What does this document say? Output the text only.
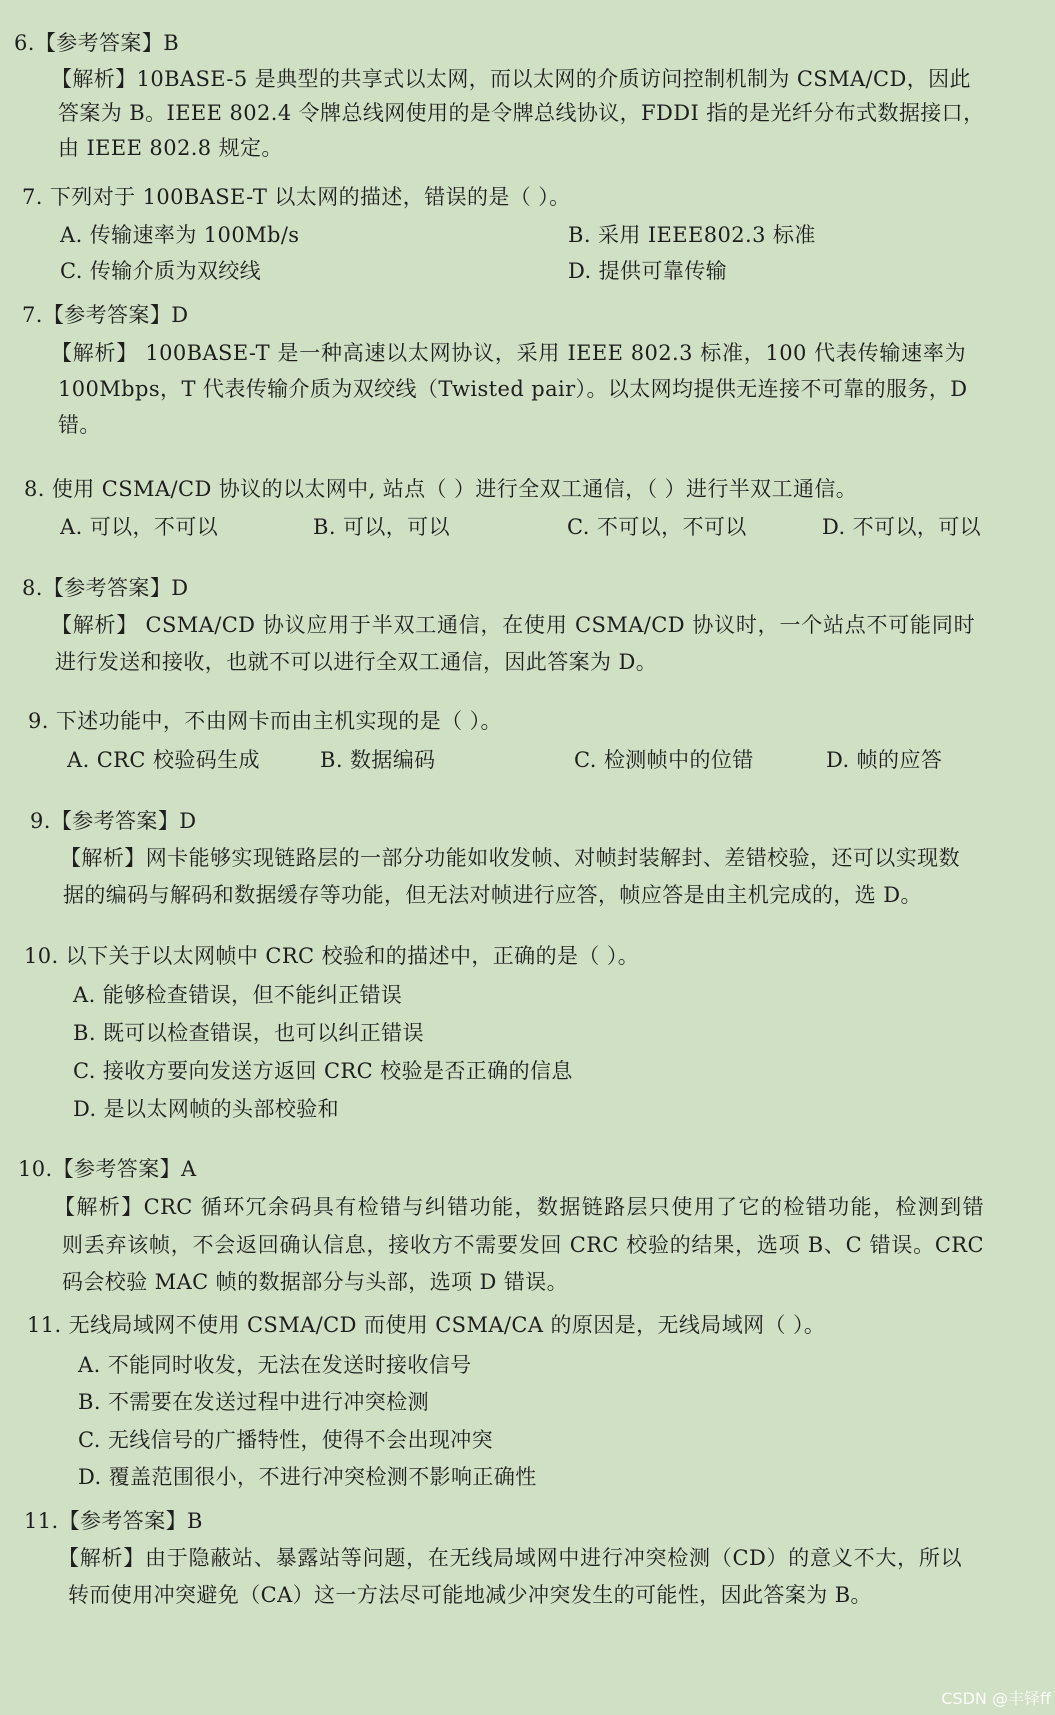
6.【参考答案】B
【解析】10BASE-5 是典型的共享式以太网，而以太网的介质访问控制机制为 CSMA/CD，因此
答案为 B。IEEE 802.4 令牌总线网使用的是令牌总线协议，FDDI 指的是光纤分布式数据接口，
由 IEEE 802.8 规定。
7. 下列对于 100BASE-T 以太网的描述，错误的是（ ）。
A. 传输速率为 100Mb/s	B. 采用 IEEE802.3 标准
C. 传输介质为双绞线	D. 提供可靠传输
7.【参考答案】D
【解析】 100BASE-T 是一种高速以太网协议，采用 IEEE 802.3 标准，100 代表传输速率为
100Mbps，T 代表传输介质为双绞线（Twisted pair）。以太网均提供无连接不可靠的服务，D
错。
8. 使用 CSMA/CD 协议的以太网中, 站点（ ）进行全双工通信，（ ）进行半双工通信。
A. 可以，不可以	B. 可以，可以	C. 不可以，不可以	D. 不可以，可以
8.【参考答案】D
【解析】 CSMA/CD 协议应用于半双工通信，在使用 CSMA/CD 协议时，一个站点不可能同时
进行发送和接收，也就不可以进行全双工通信，因此答案为 D。
9. 下述功能中，不由网卡而由主机实现的是（ ）。
A. CRC 校验码生成	B. 数据编码	C. 检测帧中的位错	D. 帧的应答
9.【参考答案】D
【解析】网卡能够实现链路层的一部分功能如收发帧、对帧封装解封、差错校验，还可以实现数
据的编码与解码和数据缓存等功能，但无法对帧进行应答，帧应答是由主机完成的，选 D。
10. 以下关于以太网帧中 CRC 校验和的描述中，正确的是（ ）。
A. 能够检查错误，但不能纠正错误
B. 既可以检查错误，也可以纠正错误
C. 接收方要向发送方返回 CRC 校验是否正确的信息
D. 是以太网帧的头部校验和
10.【参考答案】A
【解析】CRC 循环冗余码具有检错与纠错功能，数据链路层只使用了它的检错功能，检测到错
则丢弃该帧，不会返回确认信息，接收方不需要发回 CRC 校验的结果，选项 B、C 错误。CRC
码会校验 MAC 帧的数据部分与头部，选项 D 错误。
11. 无线局域网不使用 CSMA/CD 而使用 CSMA/CA 的原因是，无线局域网（ ）。
A. 不能同时收发，无法在发送时接收信号
B. 不需要在发送过程中进行冲突检测
C. 无线信号的广播特性，使得不会出现冲突
D. 覆盖范围很小，不进行冲突检测不影响正确性
11.【参考答案】B
【解析】由于隐蔽站、暴露站等问题，在无线局域网中进行冲突检测（CD）的意义不大，所以
转而使用冲突避免（CA）这一方法尽可能地减少冲突发生的可能性，因此答案为 B。
CSDN @丰铎ff
